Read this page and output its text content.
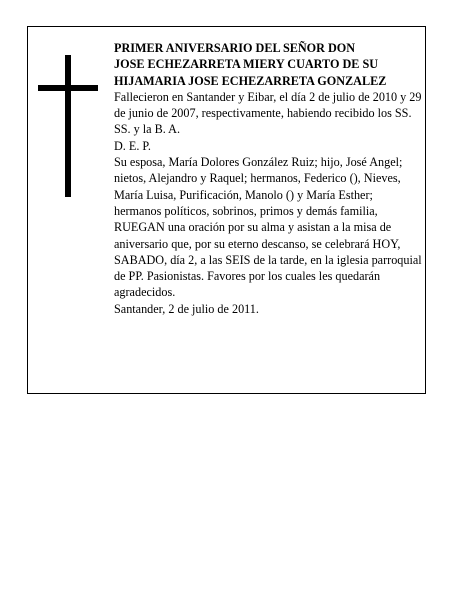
PRIMER ANIVERSARIO DEL SEÑOR DON
JOSE ECHEZARRETA MIERY CUARTO DE SU
HIJAMARIA JOSE ECHEZARRETA GONZALEZ

Fallecieron en Santander y Eibar, el día 2 de julio de 2010 y 29 de junio de 2007, respectivamente, habiendo recibido los SS. SS. y la B. A.

D. E. P.

Su esposa, María Dolores González Ruiz; hijo, José Angel; nietos, Alejandro y Raquel; hermanos, Federico (), Nieves, María Luisa, Purificación, Manolo () y María Esther; hermanos políticos, sobrinos, primos y demás familia,

RUEGAN una oración por su alma y asistan a la misa de aniversario que, por su eterno descanso, se celebrará HOY, SABADO, día 2, a las SEIS de la tarde, en la iglesia parroquial de PP. Pasionistas. Favores por los cuales les quedarán agradecidos.

Santander, 2 de julio de 2011.
